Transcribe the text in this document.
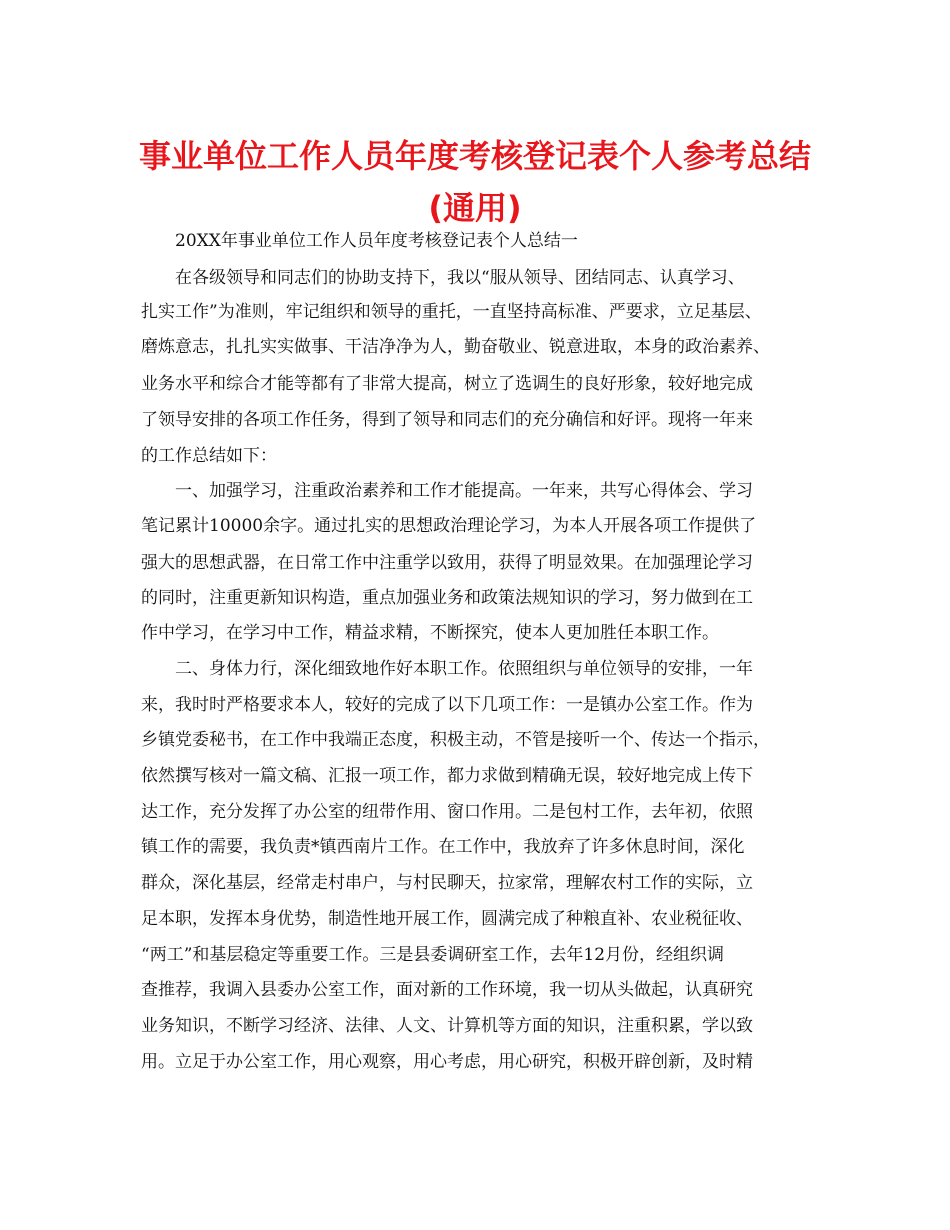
事业单位工作人员年度考核登记表个人参考总结
(通用)

20XX年事业单位工作人员年度考核登记表个人总结一

在各级领导和同志们的协助支持下，我以“服从领导、团结同志、认真学习、

扎实工作”为准则，牢记组织和领导的重托，一直坚持高标准、严要求，立足基层、

磨炼意志，扎扎实实做事、干洁净净为人，勤奋敬业、锐意进取，本身的政治素养、

业务水平和综合才能等都有了非常大提高，树立了选调生的良好形象，较好地完成

了领导安排的各项工作任务，得到了领导和同志们的充分确信和好评。现将一年来

的工作总结如下：

一、加强学习，注重政治素养和工作才能提高。一年来，共写心得体会、学习

笔记累计10000余字。通过扎实的思想政治理论学习，为本人开展各项工作提供了

强大的思想武器，在日常工作中注重学以致用，获得了明显效果。在加强理论学习

的同时，注重更新知识构造，重点加强业务和政策法规知识的学习，努力做到在工

作中学习，在学习中工作，精益求精，不断探究，使本人更加胜任本职工作。

二、身体力行，深化细致地作好本职工作。依照组织与单位领导的安排，一年

来，我时时严格要求本人，较好的完成了以下几项工作：一是镇办公室工作。作为

乡镇党委秘书，在工作中我端正态度，积极主动，不管是接听一个、传达一个指示，

依然撰写核对一篇文稿、汇报一项工作，都力求做到精确无误，较好地完成上传下

达工作，充分发挥了办公室的纽带作用、窗口作用。二是包村工作，去年初，依照

镇工作的需要，我负责*镇西南片工作。在工作中，我放弃了许多休息时间，深化

群众，深化基层，经常走村串户，与村民聊天，拉家常，理解农村工作的实际，立

足本职，发挥本身优势，制造性地开展工作，圆满完成了种粮直补、农业税征收、

“两工”和基层稳定等重要工作。三是县委调研室工作，去年12月份，经组织调

查推荐，我调入县委办公室工作，面对新的工作环境，我一切从头做起，认真研究

业务知识，不断学习经济、法律、人文、计算机等方面的知识，注重积累，学以致

用。立足于办公室工作，用心观察，用心考虑，用心研究，积极开辟创新，及时精
